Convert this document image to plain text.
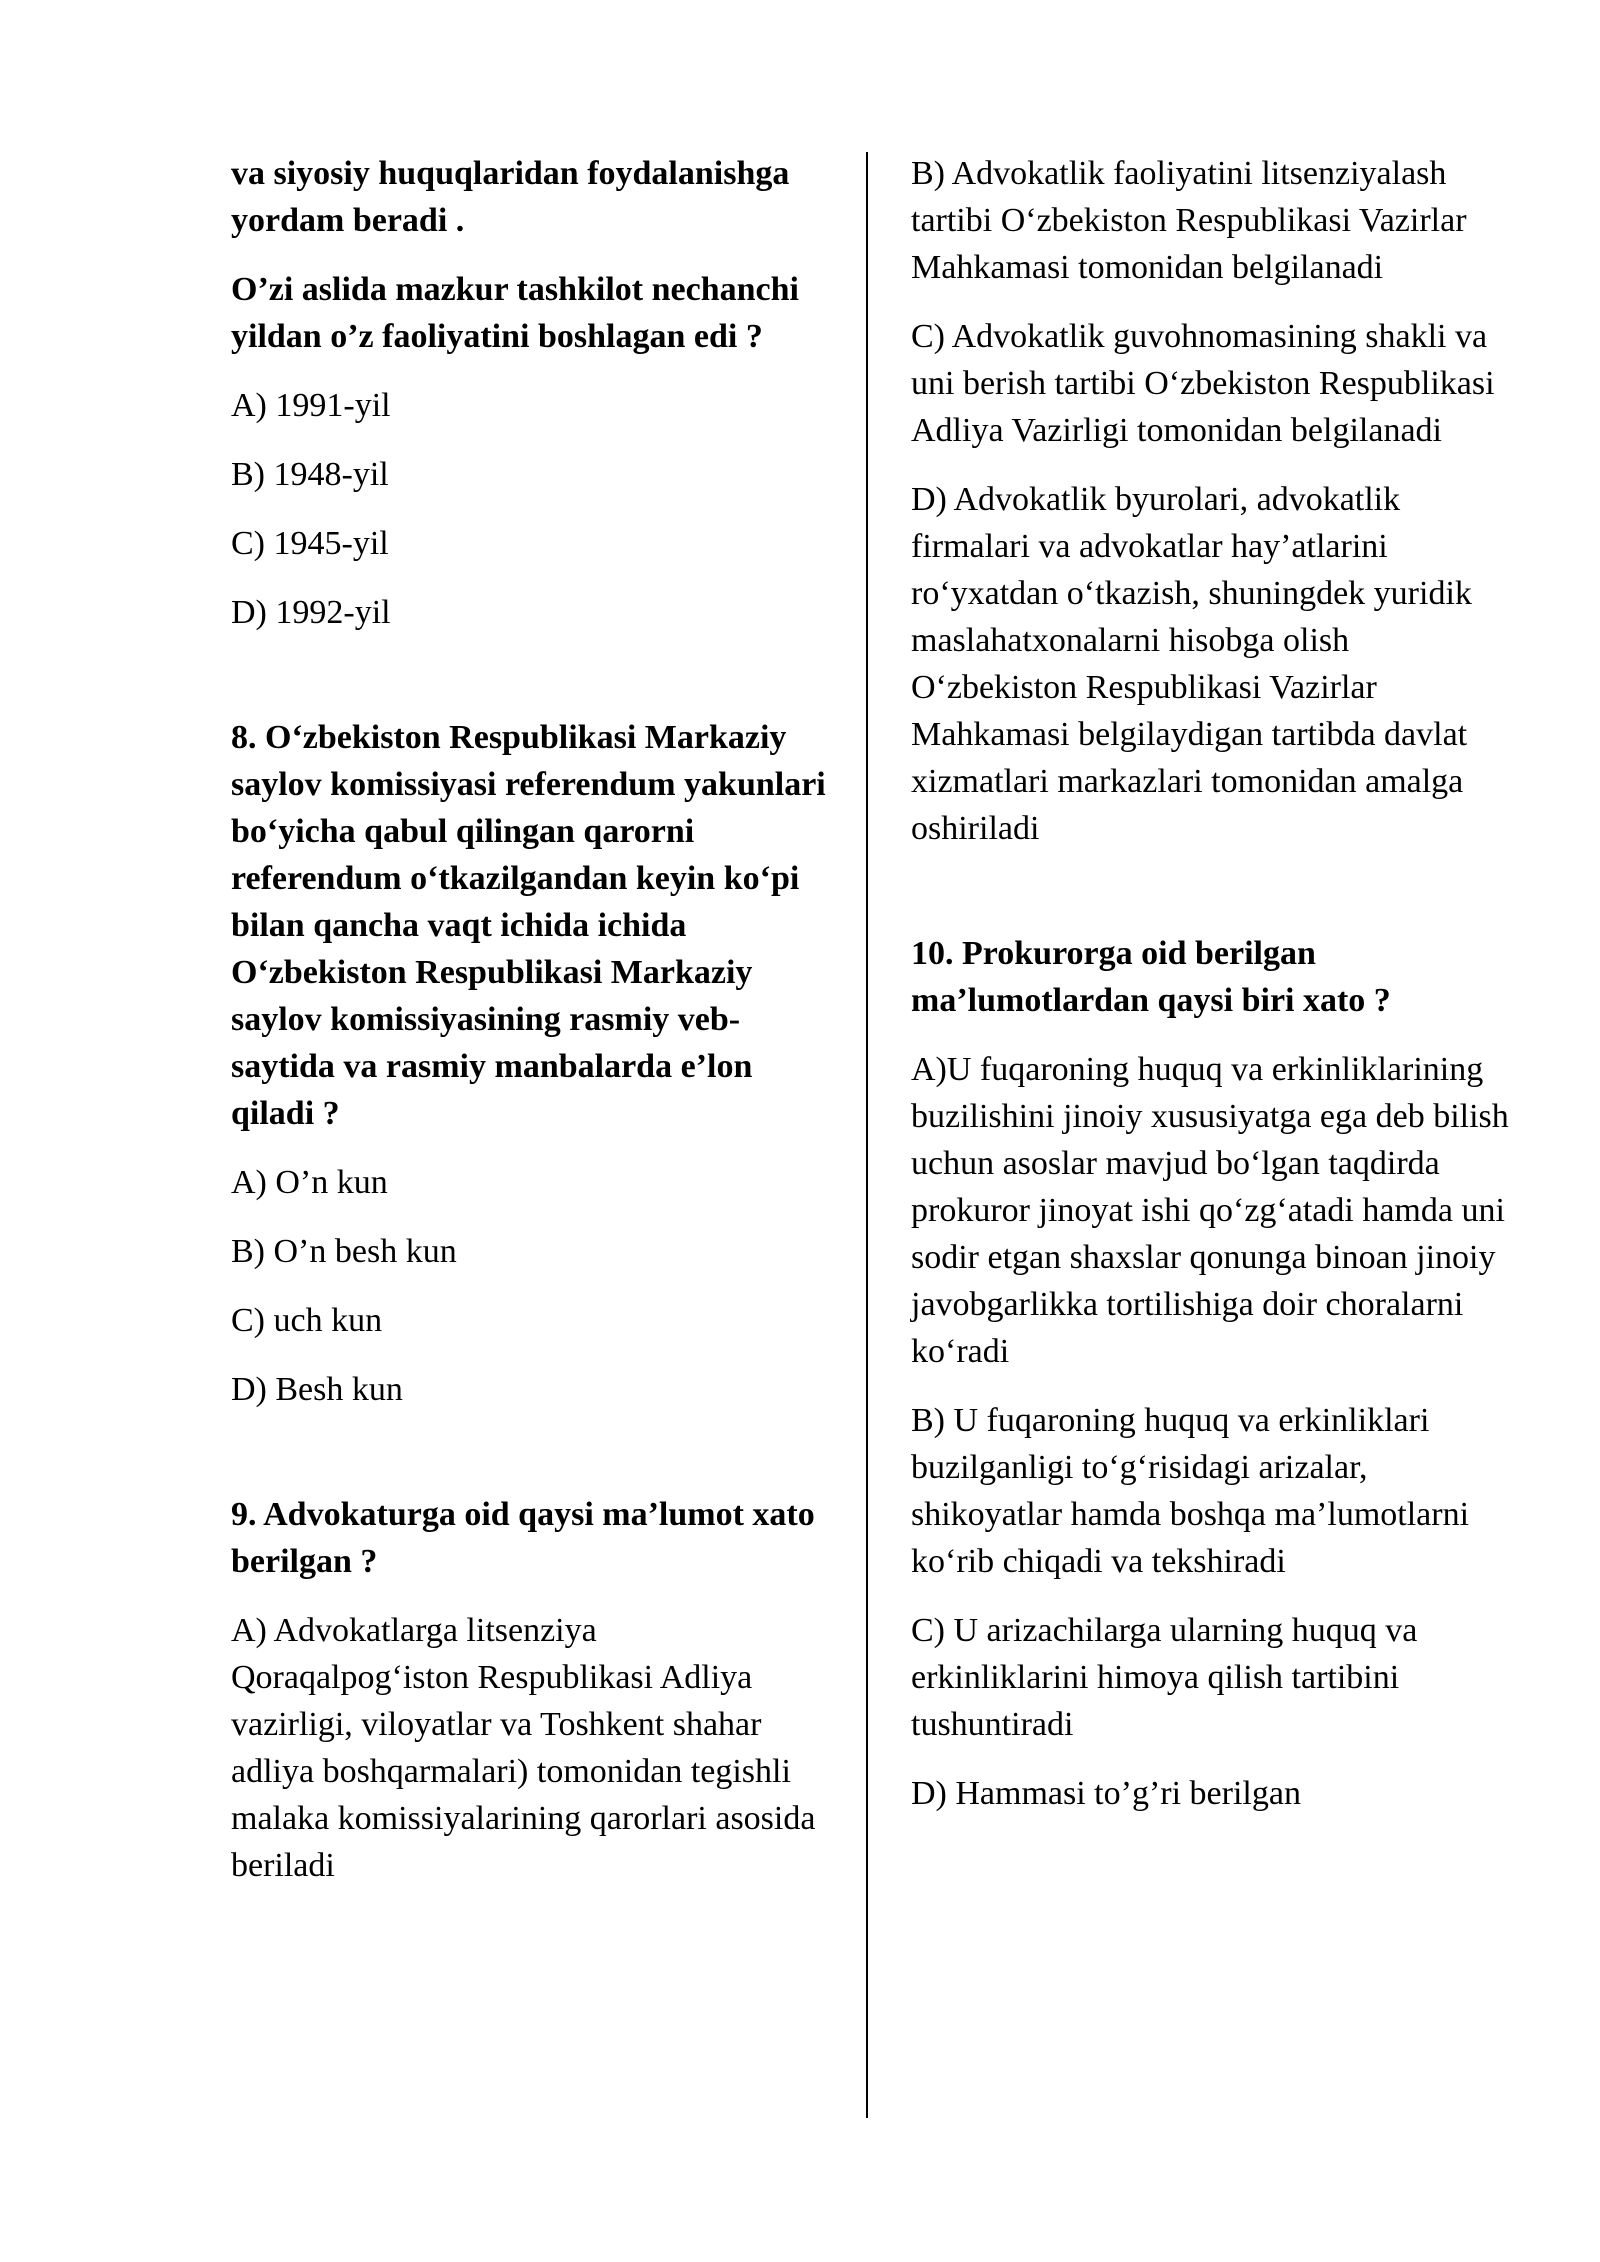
va siyosiy huquqlaridan foydalanishga yordam beradi .

O’zi aslida mazkur tashkilot nechanchi yildan o’z faoliyatini boshlagan edi ?

A) 1991-yil

B) 1948-yil

C) 1945-yil

D) 1992-yil

8. O‘zbekiston Respublikasi Markaziy saylov komissiyasi referendum yakunlari bo‘yicha qabul qilingan qarorni referendum o‘tkazilgandan keyin ko‘pi bilan qancha vaqt ichida ichida O‘zbekiston Respublikasi Markaziy saylov komissiyasining rasmiy veb-saytida va rasmiy manbalarda e’lon qiladi ?

A) O’n kun

B) O’n besh kun

C) uch kun

D) Besh kun

9. Advokaturga oid qaysi ma’lumot xato berilgan ?

A) Advokatlarga litsenziya Qoraqalpog‘iston Respublikasi Adliya vazirligi, viloyatlar va Toshkent shahar adliya boshqarmalari) tomonidan tegishli malaka komissiyalarining qarorlari asosida beriladi

B) Advokatlik faoliyatini litsenziyalash tartibi O‘zbekiston Respublikasi Vazirlar Mahkamasi tomonidan belgilanadi

C) Advokatlik guvohnomasining shakli va uni berish tartibi O‘zbekiston Respublikasi Adliya Vazirligi tomonidan belgilanadi

D) Advokatlik byurolari, advokatlik firmalari va advokatlar hay’atlarini ro‘yxatdan o‘tkazish, shuningdek yuridik maslahatxonalarni hisobga olish O‘zbekiston Respublikasi Vazirlar Mahkamasi belgilaydigan tartibda davlat xizmatlari markazlari tomonidan amalga oshiriladi

10. Prokurorga oid berilgan ma’lumotlardan qaysi biri xato ?

A)U fuqaroning huquq va erkinliklarining buzilishini jinoiy xususiyatga ega deb bilish uchun asoslar mavjud bo‘lgan taqdirda prokuror jinoyat ishi qo‘zg‘atadi hamda uni sodir etgan shaxslar qonunga binoan jinoiy javobgarlikka tortilishiga doir choralarni ko‘radi

B) U fuqaroning huquq va erkinliklari buzilganligi to‘g‘risidagi arizalar, shikoyatlar hamda boshqa ma’lumotlarni ko‘rib chiqadi va tekshiradi

C) U arizachilarga ularning huquq va erkinliklarini himoya qilish tartibini tushuntiradi

D) Hammasi to’g’ri berilgan
